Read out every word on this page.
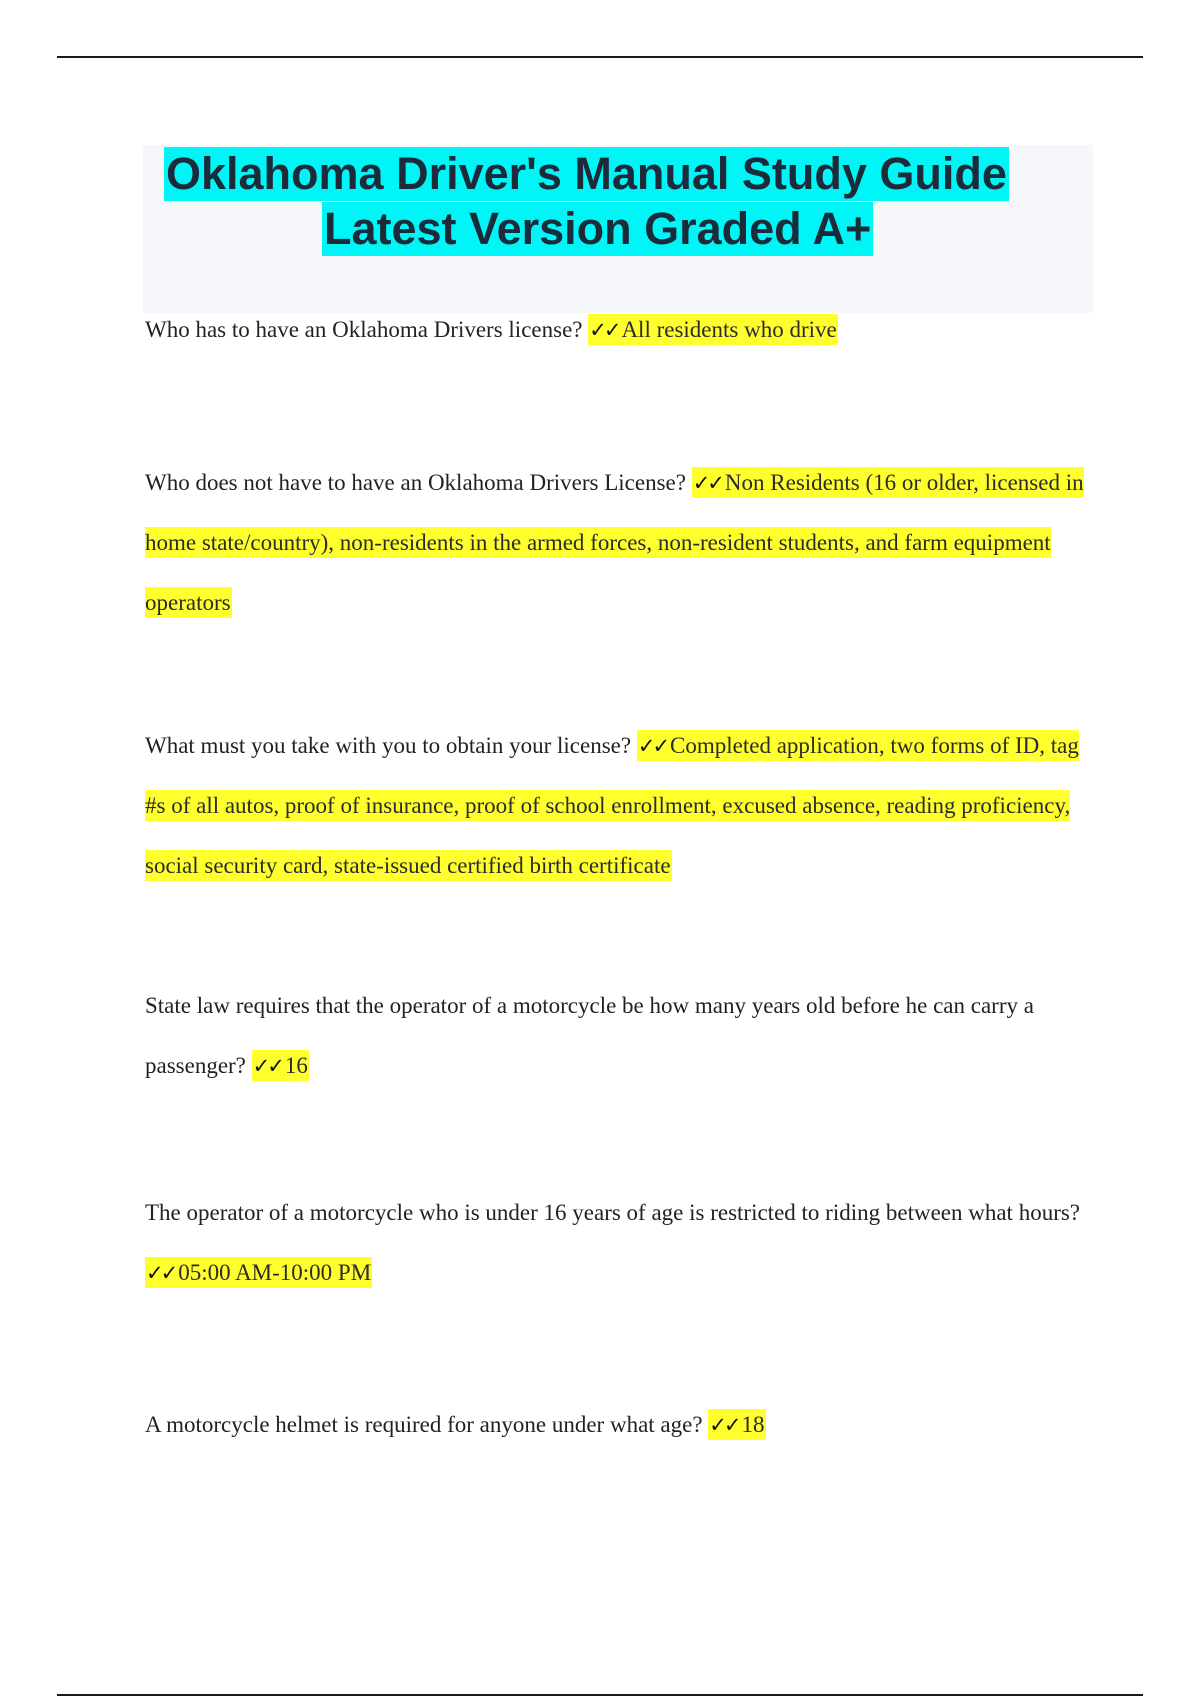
Oklahoma Driver's Manual Study Guide
Latest Version Graded A+
Who has to have an Oklahoma Drivers license? ✓✓ All residents who drive
Who does not have to have an Oklahoma Drivers License? ✓✓ Non Residents (16 or older, licensed in home state/country), non-residents in the armed forces, non-resident students, and farm equipment operators
What must you take with you to obtain your license? ✓✓ Completed application, two forms of ID, tag #s of all autos, proof of insurance, proof of school enrollment, excused absence, reading proficiency, social security card, state-issued certified birth certificate
State law requires that the operator of a motorcycle be how many years old before he can carry a passenger? ✓✓ 16
The operator of a motorcycle who is under 16 years of age is restricted to riding between what hours? ✓✓ 05:00 AM-10:00 PM
A motorcycle helmet is required for anyone under what age? ✓✓ 18
